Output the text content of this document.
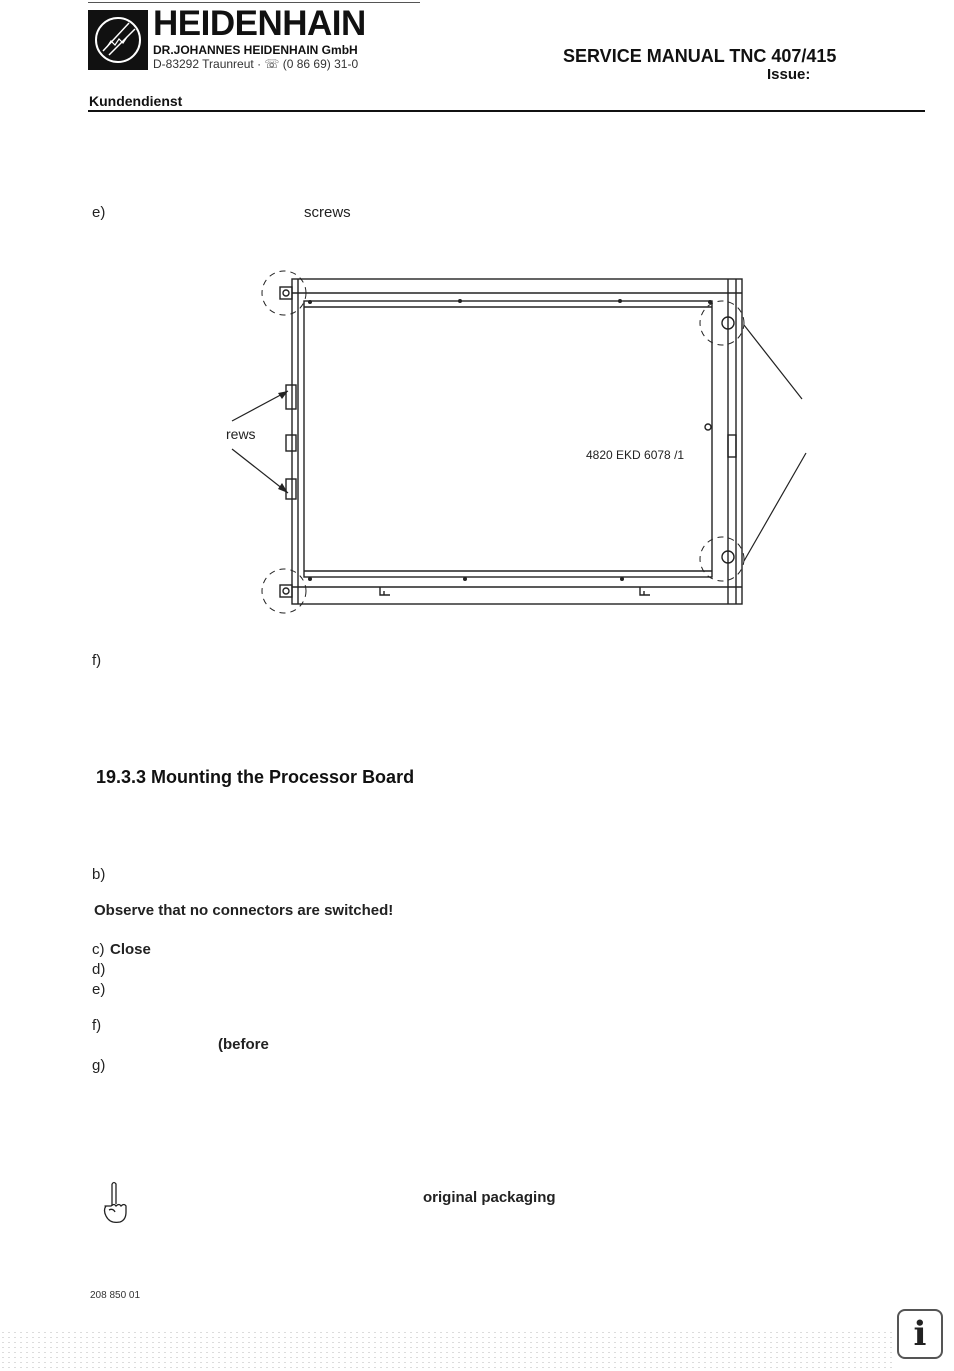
HEIDENHAIN
DR.JOHANNES HEIDENHAIN GmbH
D-83292 Traunreut · ☏ (0 86 69) 31-0	SERVICE MANUAL TNC 407/415
Issue:
Kundendienst
e)	screws
rews
4820 EKD 6078 /1
f)
19.3.3 Mounting the Processor Board
b)
Observe that no connectors are switched!
c) Close
d)
e)
f)
(before
g)
original packaging
208 850 01
i
